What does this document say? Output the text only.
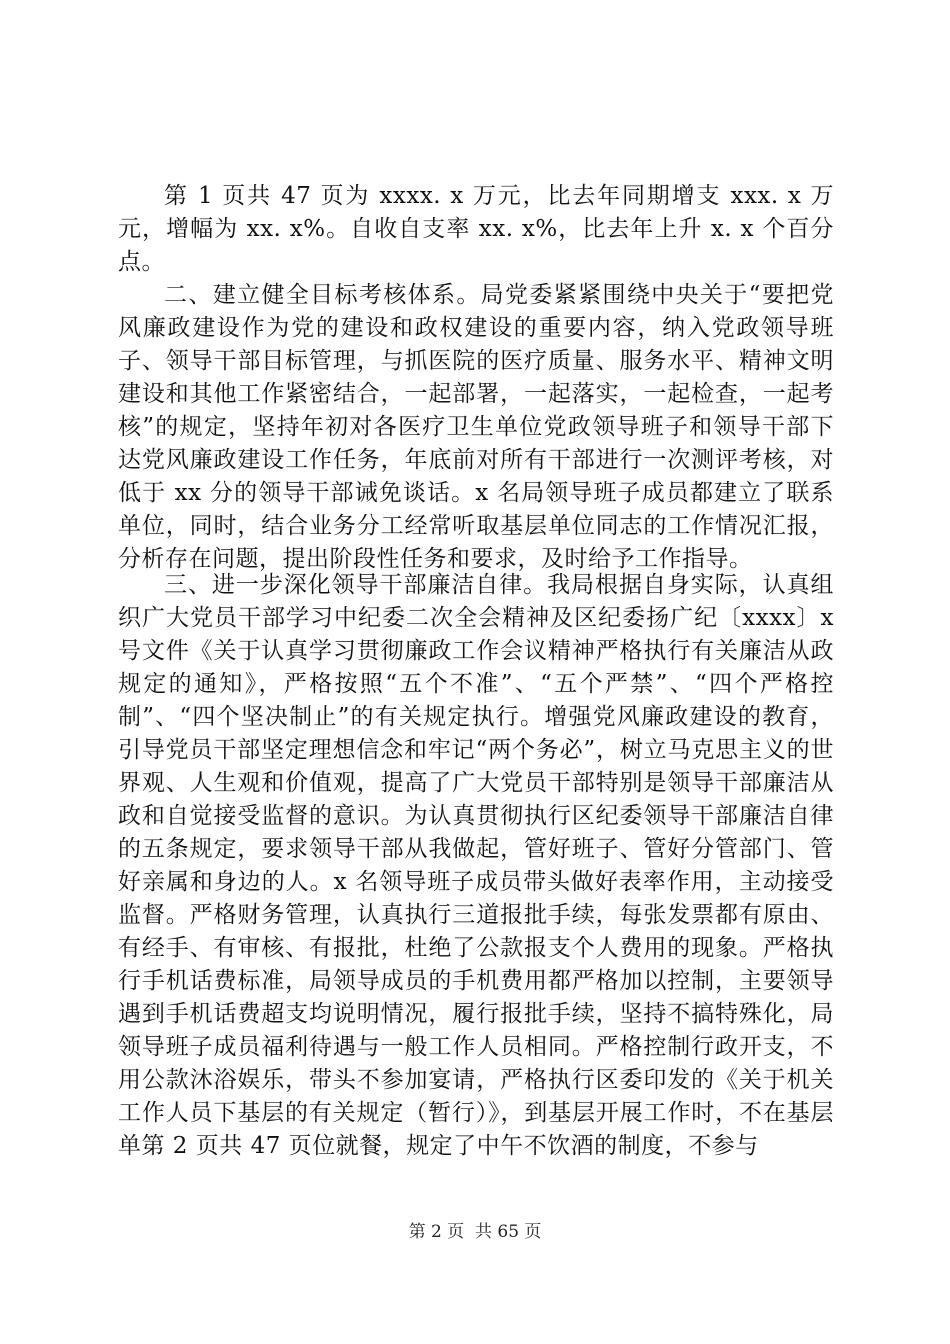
第 1 页共 47 页为 xxxx. x 万元，比去年同期增支 xxx. x 万元，增幅为 xx. x%。自收自支率 xx. x%，比去年上升 x. x 个百分点。

二、建立健全目标考核体系。局党委紧紧围绕中央关于“要把党风廉政建设作为党的建设和政权建设的重要内容，纳入党政领导班子、领导干部目标管理，与抓医院的医疗质量、服务水平、精神文明建设和其他工作紧密结合，一起部署，一起落实，一起检查，一起考核”的规定，坚持年初对各医疗卫生单位党政领导班子和领导干部下达党风廉政建设工作任务，年底前对所有干部进行一次测评考核，对低于 xx 分的领导干部诫免谈话。x 名局领导班子成员都建立了联系单位，同时，结合业务分工经常听取基层单位同志的工作情况汇报，分析存在问题，提出阶段性任务和要求，及时给予工作指导。

三、进一步深化领导干部廉洁自律。我局根据自身实际，认真组织广大党员干部学习中纪委二次全会精神及区纪委扬广纪〔xxxx〕x 号文件《关于认真学习贯彻廉政工作会议精神严格执行有关廉洁从政规定的通知》，严格按照“五个不准”、“五个严禁”、“四个严格控制”、“四个坚决制止”的有关规定执行。增强党风廉政建设的教育，引导党员干部坚定理想信念和牢记“两个务必”，树立马克思主义的世界观、人生观和价值观，提高了广大党员干部特别是领导干部廉洁从政和自觉接受监督的意识。为认真贯彻执行区纪委领导干部廉洁自律的五条规定，要求领导干部从我做起，管好班子、管好分管部门、管好亲属和身边的人。x 名领导班子成员带头做好表率作用，主动接受监督。严格财务管理，认真执行三道报批手续，每张发票都有原由、有经手、有审核、有报批，杜绝了公款报支个人费用的现象。严格执行手机话费标准，局领导成员的手机费用都严格加以控制，主要领导遇到手机话费超支均说明情况，履行报批手续，坚持不搞特殊化，局领导班子成员福利待遇与一般工作人员相同。严格控制行政开支，不用公款沐浴娱乐，带头不参加宴请，严格执行区委印发的《关于机关工作人员下基层的有关规定（暂行）》，到基层开展工作时，不在基层单第 2 页共 47 页位就餐，规定了中午不饮酒的制度，不参与

第 2 页  共 65 页
